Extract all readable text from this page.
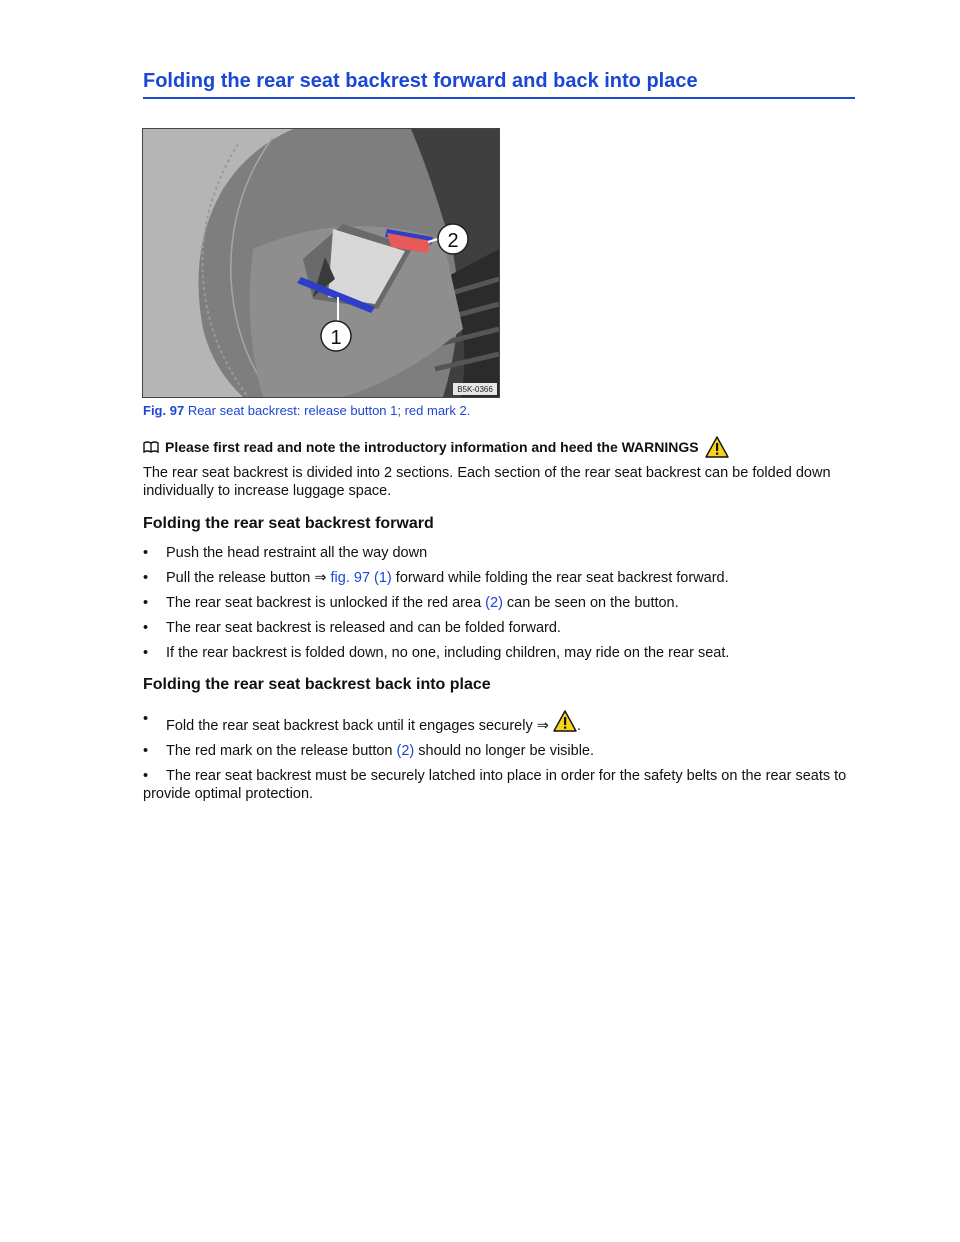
Folding the rear seat backrest forward and back into place
1
2
B5K-0366
Fig. 97 Rear seat backrest: release button 1; red mark 2.
Please first read and note the introductory information and heed the WARNINGS
The rear seat backrest is divided into 2 sections. Each section of the rear seat backrest can be folded down individually to increase luggage space.
Folding the rear seat backrest forward
• Push the head restraint all the way down
• Pull the release button ⇒ fig. 97 (1) forward while folding the rear seat backrest forward.
• The rear seat backrest is unlocked if the red area (2) can be seen on the button.
• The rear seat backrest is released and can be folded forward.
• If the rear backrest is folded down, no one, including children, may ride on the rear seat.
Folding the rear seat backrest back into place
• Fold the rear seat backrest back until it engages securely ⇒ .
• The red mark on the release button (2) should no longer be visible.
• The rear seat backrest must be securely latched into place in order for the safety belts on the rear seats to provide optimal protection.
